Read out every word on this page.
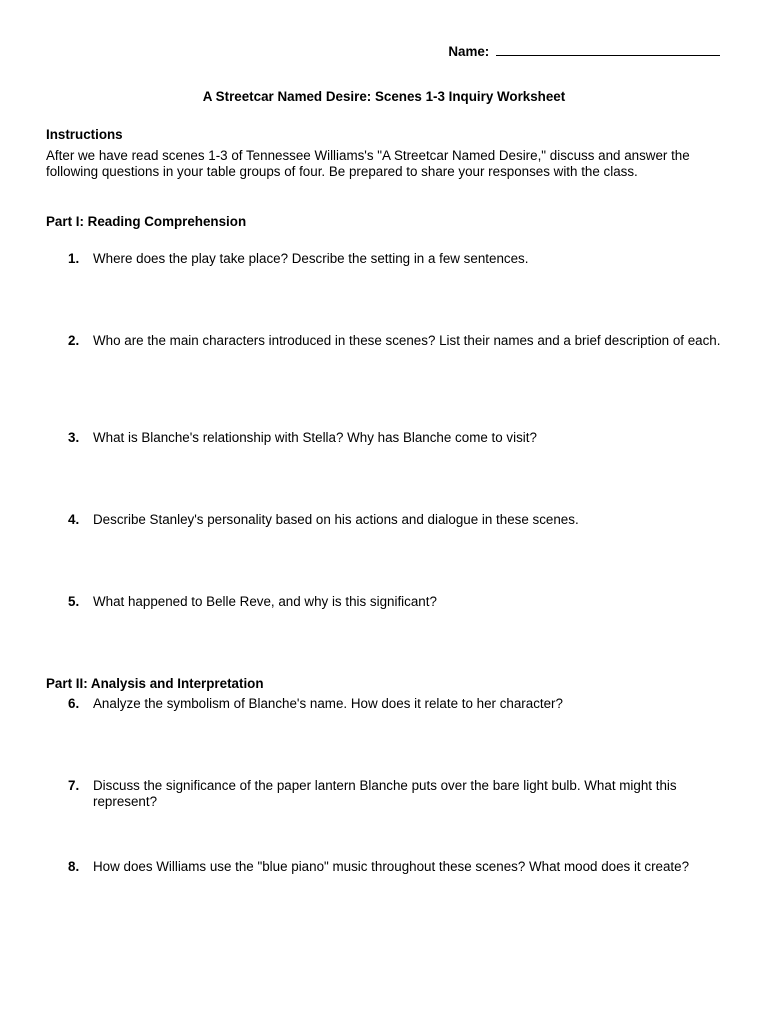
Name:
A Streetcar Named Desire: Scenes 1-3 Inquiry Worksheet
Instructions
After we have read scenes 1-3 of Tennessee Williams's "A Streetcar Named Desire," discuss and answer the following questions in your table groups of four. Be prepared to share your responses with the class.
Part I: Reading Comprehension
1.	Where does the play take place? Describe the setting in a few sentences.
2.	Who are the main characters introduced in these scenes? List their names and a brief description of each.
3.	What is Blanche's relationship with Stella? Why has Blanche come to visit?
4.	Describe Stanley's personality based on his actions and dialogue in these scenes.
5.	What happened to Belle Reve, and why is this significant?
Part II: Analysis and Interpretation
6.	Analyze the symbolism of Blanche's name. How does it relate to her character?
7.	Discuss the significance of the paper lantern Blanche puts over the bare light bulb. What might this represent?
8.	How does Williams use the "blue piano" music throughout these scenes? What mood does it create?
